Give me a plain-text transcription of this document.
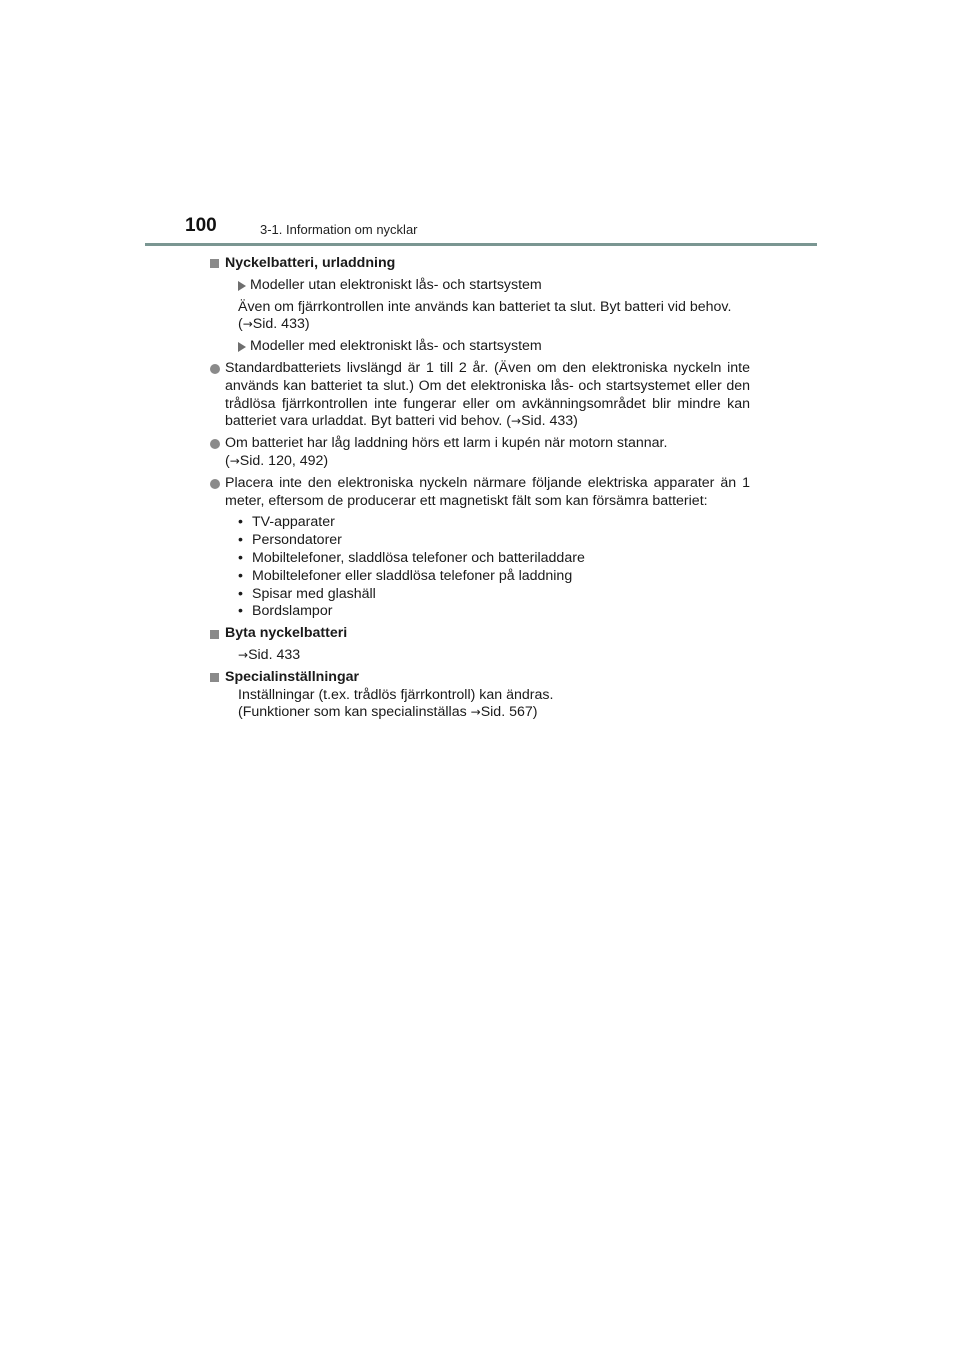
100	3-1. Information om nycklar
Nyckelbatteri, urladdning
Modeller utan elektroniskt lås- och startsystem
Även om fjärrkontrollen inte används kan batteriet ta slut. Byt batteri vid behov.
(→Sid. 433)
Modeller med elektroniskt lås- och startsystem
Standardbatteriets livslängd är 1 till 2 år. (Även om den elektroniska nyckeln inte används kan batteriet ta slut.) Om det elektroniska lås- och startsystemet eller den trådlösa fjärrkontrollen inte fungerar eller om avkänningsområdet blir mindre kan batteriet vara urladdat. Byt batteri vid behov. (→Sid. 433)
Om batteriet har låg laddning hörs ett larm i kupén när motorn stannar.
(→Sid. 120, 492)
Placera inte den elektroniska nyckeln närmare följande elektriska apparater än 1 meter, eftersom de producerar ett magnetiskt fält som kan försämra batteriet:
• TV-apparater
• Persondatorer
• Mobiltelefoner, sladdlösa telefoner och batteriladdare
• Mobiltelefoner eller sladdlösa telefoner på laddning
• Spisar med glashäll
• Bordslampor
Byta nyckelbatteri
→Sid. 433
Specialinställningar
Inställningar (t.ex. trådlös fjärrkontroll) kan ändras.
(Funktioner som kan specialinställas →Sid. 567)
